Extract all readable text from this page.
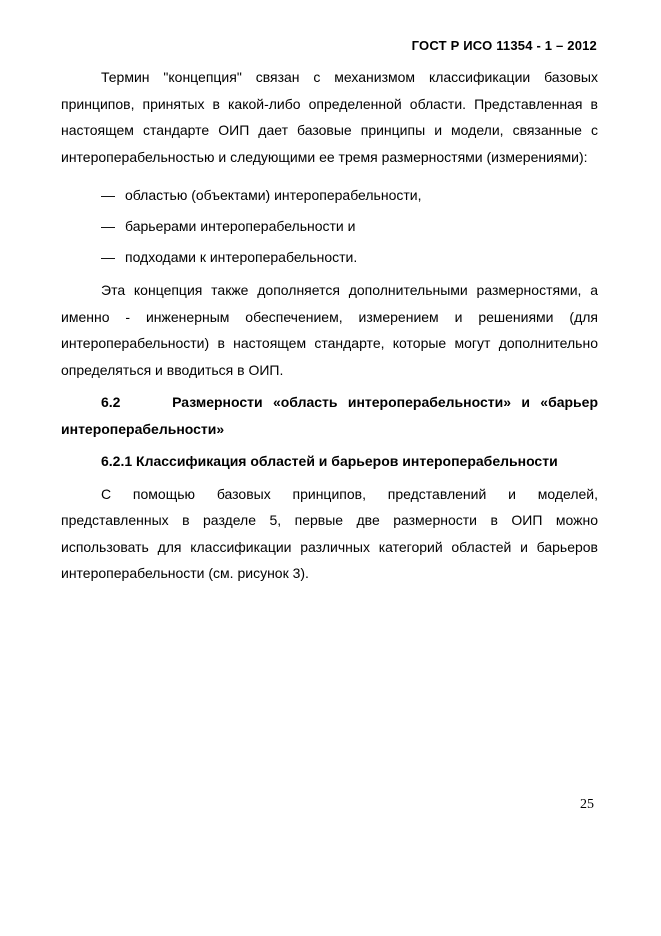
ГОСТ Р ИСО 11354 - 1 – 2012

Термин "концепция" связан с механизмом классификации базовых принципов, принятых в какой-либо определенной области. Представленная в настоящем стандарте ОИП дает базовые принципы и модели, связанные с интероперабельностью и следующими ее тремя размерностями (измерениями):

— областью (объектами) интероперабельности,
— барьерами интероперабельности и
— подходами к интероперабельности.

Эта концепция также дополняется дополнительными размерностями, а именно - инженерным обеспечением, измерением и решениями (для интероперабельности) в настоящем стандарте, которые могут дополнительно определяться и вводиться в ОИП.

6.2	Размерности «область интероперабельности» и «барьер интероперабельности»

6.2.1 Классификация областей и барьеров интероперабельности

С помощью базовых принципов, представлений и моделей, представленных в разделе 5, первые две размерности в ОИП можно использовать для классификации различных категорий областей и барьеров интероперабельности (см. рисунок 3).

25
